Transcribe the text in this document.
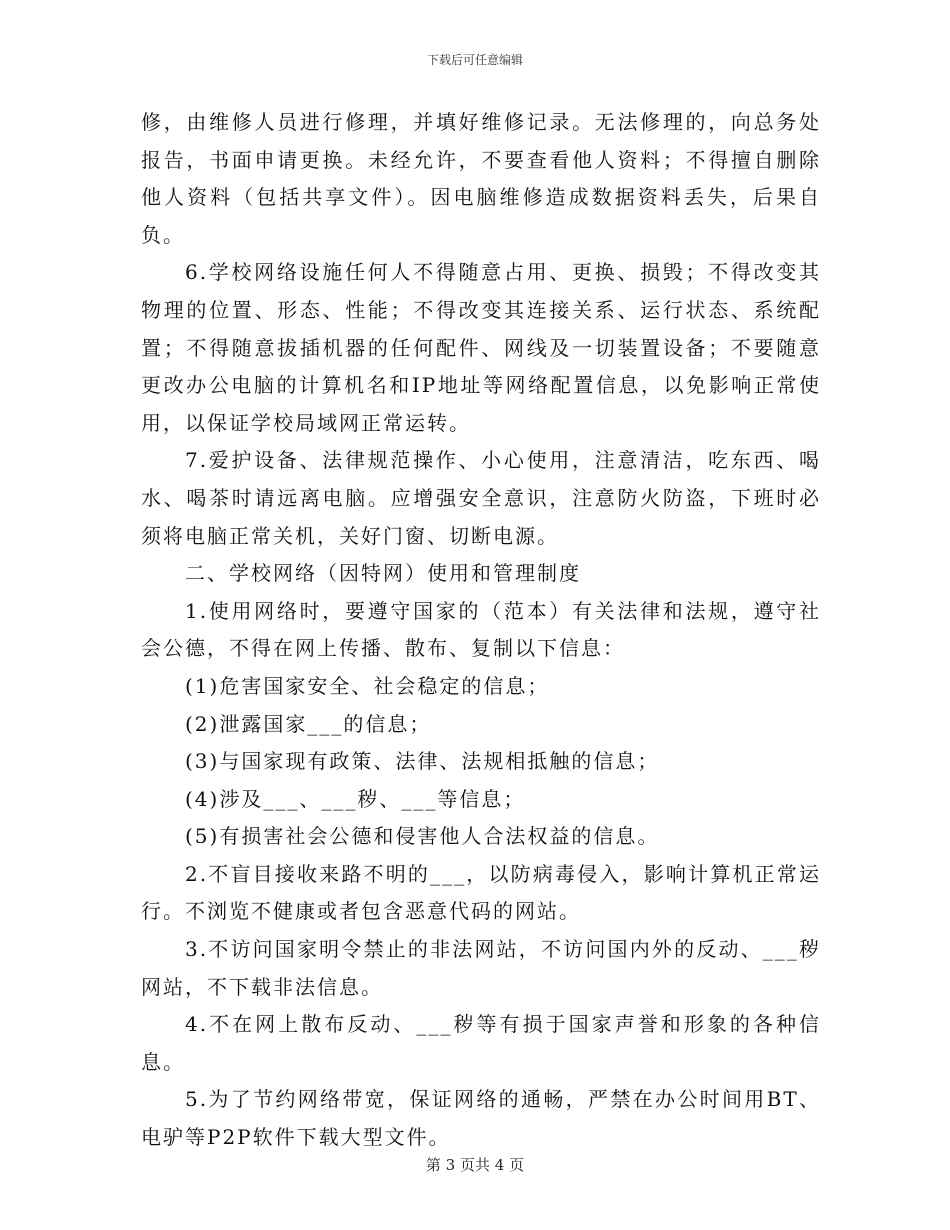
下载后可任意编辑

修，由维修人员进行修理，并填好维修记录。无法修理的，向总务处报告，书面申请更换。未经允许，不要查看他人资料；不得擅自删除他人资料（包括共享文件）。因电脑维修造成数据资料丢失，后果自负。

6.学校网络设施任何人不得随意占用、更换、损毁；不得改变其物理的位置、形态、性能；不得改变其连接关系、运行状态、系统配置；不得随意拔插机器的任何配件、网线及一切装置设备；不要随意更改办公电脑的计算机名和IP地址等网络配置信息，以免影响正常使用，以保证学校局域网正常运转。

7.爱护设备、法律规范操作、小心使用，注意清洁，吃东西、喝水、喝茶时请远离电脑。应增强安全意识，注意防火防盗，下班时必须将电脑正常关机，关好门窗、切断电源。

二、学校网络（因特网）使用和管理制度

1.使用网络时，要遵守国家的（范本）有关法律和法规，遵守社会公德，不得在网上传播、散布、复制以下信息：

(1)危害国家安全、社会稳定的信息；

(2)泄露国家___的信息；

(3)与国家现有政策、法律、法规相抵触的信息；

(4)涉及___、___秽、___等信息；

(5)有损害社会公德和侵害他人合法权益的信息。

2.不盲目接收来路不明的___，以防病毒侵入，影响计算机正常运行。不浏览不健康或者包含恶意代码的网站。

3.不访问国家明令禁止的非法网站，不访问国内外的反动、___秽网站，不下载非法信息。

4.不在网上散布反动、___秽等有损于国家声誉和形象的各种信息。

5.为了节约网络带宽，保证网络的通畅，严禁在办公时间用BT、电驴等P2P软件下载大型文件。

第 3 页共 4 页
